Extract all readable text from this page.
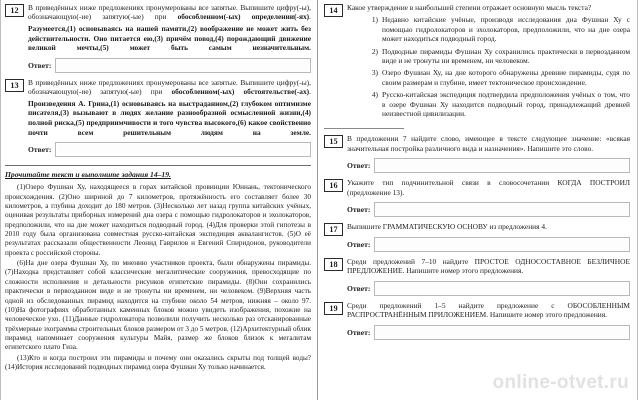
12	В приведённых ниже предложениях пронумерованы все запятые. Выпишите цифру(-ы), обозначающую(-ие) запятую(-ые) при обособленном(-ых) определении(-ях).

Разумеется,(1) основываясь на нашей памяти,(2) воображение не может жить без действительности. Оно питается ею,(3) причём повод,(4) порождающий движение великой мечты,(5) может быть самым незначительным.

Ответ:
13	В приведённых ниже предложениях пронумерованы все запятые. Выпишите цифру(-ы), обозначающую(-ие) запятую(-ые) при обособленном(-ых) обстоятельстве(-ах).

Произведения А. Грина,(1) основываясь на выстраданном,(2) глубоком оптимизме писателя,(3) вызывают в людях желание разнообразной осмысленной жизни,(4) полной риска,(5) предприимчивости и того чувства высокого,(6) какое свойственно почти всем решительным людям на земле.

Ответ:
Прочитайте текст и выполните задания 14–19.

(1)Озеро Фушиан Ху, находящееся в горах китайской провинции Юннань, тектонического происхождения. (2)Оно шириной до 7 километров, протяжённость его составляет более 30 километров, а глубина доходит до 180 метров. (3)Несколько лет назад группа китайских учёных, оценивая результаты приборных измерений дна озера с помощью гидролокаторов и эхолокаторов, предположили, что на дне может находиться подводный город. (4)Для проверки этой гипотезы в 2010 году была организована совместная русско-китайская экспедиция аквалангистов. (5)О её результатах рассказали общественности Леонид Гаврилов и Евгений Спиридонов, руководители проекта с российской стороны.

(6)На дне озера Фушиан Ху, по мнению участников проекта, были обнаружены пирамиды. (7)Находка представляет собой классические мегалитические сооружения, превосходящие по сложности исполнения и детальности рисунков египетские пирамиды. (8)Они сохранились практически в первозданном виде и не тронуты ни временем, ни человеком. (9)Верхняя часть одной из обследованных пирамид находится на глубине около 54 метров, нижняя – около 97. (10)На фотографиях обработанных каменных блоков можно увидеть изображения, похожие на человеческое ухо. (11)Данные гидролокатора позволили получить несколько раз отсканированные трёхмерные эхограммы строительных блоков размером от 3 до 5 метров. (12)Архитектурный облик пирамид напоминает сооружения культуры Майя, размер же блоков близок к мегалитам египетского плато Гиза.

(13)Кто и когда построил эти пирамиды и почему они оказались скрыты под толщей воды? (14)История исследований подводных пирамид озера Фушиан Ху только начинается.

14	Какое утверждение в наибольшей степени отражает основную мысль текста?

1) Недавно китайские учёные, производя исследования дна Фушиан Ху с помощью гидролокаторов и эхолокаторов, предположили, что на дне озера может находиться подводный город.
2) Подводные пирамиды Фушиан Ху сохранились практически в первозданном виде и не тронуты ни временем, ни человеком.
3) Озеро Фушиан Ху, на дне которого обнаружены древние пирамиды, судя по своим размерам и глубине, имеет тектоническое происхождение.
4) Русско-китайская экспедиция подтвердила предположения учёных о том, что в озере Фушиан Ху находится подводный город, принадлежащий древней неизвестной цивилизации.
15	В предложении 7 найдите слово, имеющее в тексте следующее значение: «всякая значительная постройка различного вида и назначения». Напишите это слово.

Ответ:
16	Укажите тип подчинительной связи в словосочетании КОГДА ПОСТРОИЛ (предложение 13).

Ответ:
17	Выпишите ГРАММАТИЧЕСКУЮ ОСНОВУ из предложения 4.

Ответ:
18	Среди предложений 7–10 найдите ПРОСТОЕ ОДНОСОСТАВНОЕ БЕЗЛИЧНОЕ ПРЕДЛОЖЕНИЕ. Напишите номер этого предложения.

Ответ:
19	Среди предложений 1–5 найдите предложение с ОБОСОБЛЕННЫМ РАСПРОСТРАНЁННЫМ ПРИЛОЖЕНИЕМ. Напишите номер этого предложения.

Ответ:
online-otvet.ru
